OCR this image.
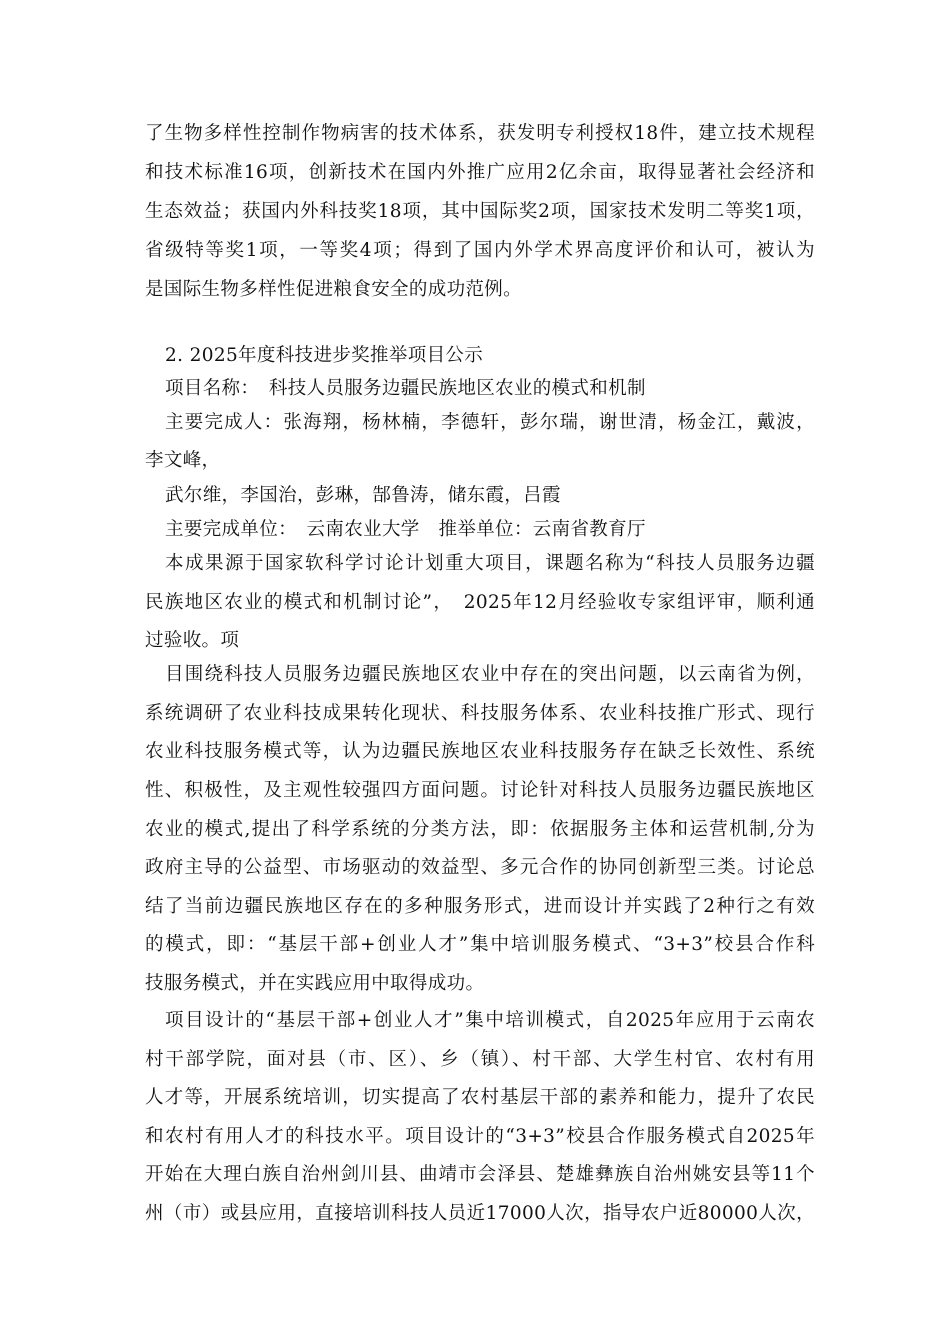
了生物多样性控制作物病害的技术体系，获发明专利授权18件，建立技术规程
和技术标准16项，创新技术在国内外推广应用2亿余亩，取得显著社会经济和
生态效益；获国内外科技奖18项，其中国际奖2项，国家技术发明二等奖1项，
省级特等奖1项，一等奖4项；得到了国内外学术界高度评价和认可，被认为
是国际生物多样性促进粮食安全的成功范例。
2. 2025年度科技进步奖推举项目公示
项目名称：　科技人员服务边疆民族地区农业的模式和机制
主要完成人：张海翔，杨林楠，李德轩，彭尔瑞，谢世清，杨金江，戴波，
李文峰，
武尔维，李国治，彭琳，郜鲁涛，储东霞，吕霞
主要完成单位：　云南农业大学　推举单位：云南省教育厅
本成果源于国家软科学讨论计划重大项目，课题名称为“科技人员服务边疆
民族地区农业的模式和机制讨论”，　2025年12月经验收专家组评审，顺利通
过验收。项
目围绕科技人员服务边疆民族地区农业中存在的突出问题，以云南省为例，
系统调研了农业科技成果转化现状、科技服务体系、农业科技推广形式、现行
农业科技服务模式等，认为边疆民族地区农业科技服务存在缺乏长效性、系统
性、积极性，及主观性较强四方面问题。讨论针对科技人员服务边疆民族地区
农业的模式,提出了科学系统的分类方法，即：依据服务主体和运营机制,分为
政府主导的公益型、市场驱动的效益型、多元合作的协同创新型三类。讨论总
结了当前边疆民族地区存在的多种服务形式，进而设计并实践了2种行之有效
的模式，即：“基层干部+创业人才”集中培训服务模式、“3+3”校县合作科
技服务模式，并在实践应用中取得成功。
项目设计的“基层干部+创业人才”集中培训模式，自2025年应用于云南农
村干部学院，面对县（市、区）、乡（镇）、村干部、大学生村官、农村有用
人才等，开展系统培训，切实提高了农村基层干部的素养和能力，提升了农民
和农村有用人才的科技水平。项目设计的“3+3”校县合作服务模式自2025年
开始在大理白族自治州剑川县、曲靖市会泽县、楚雄彝族自治州姚安县等11个
州（市）或县应用，直接培训科技人员近17000人次，指导农户近80000人次，
